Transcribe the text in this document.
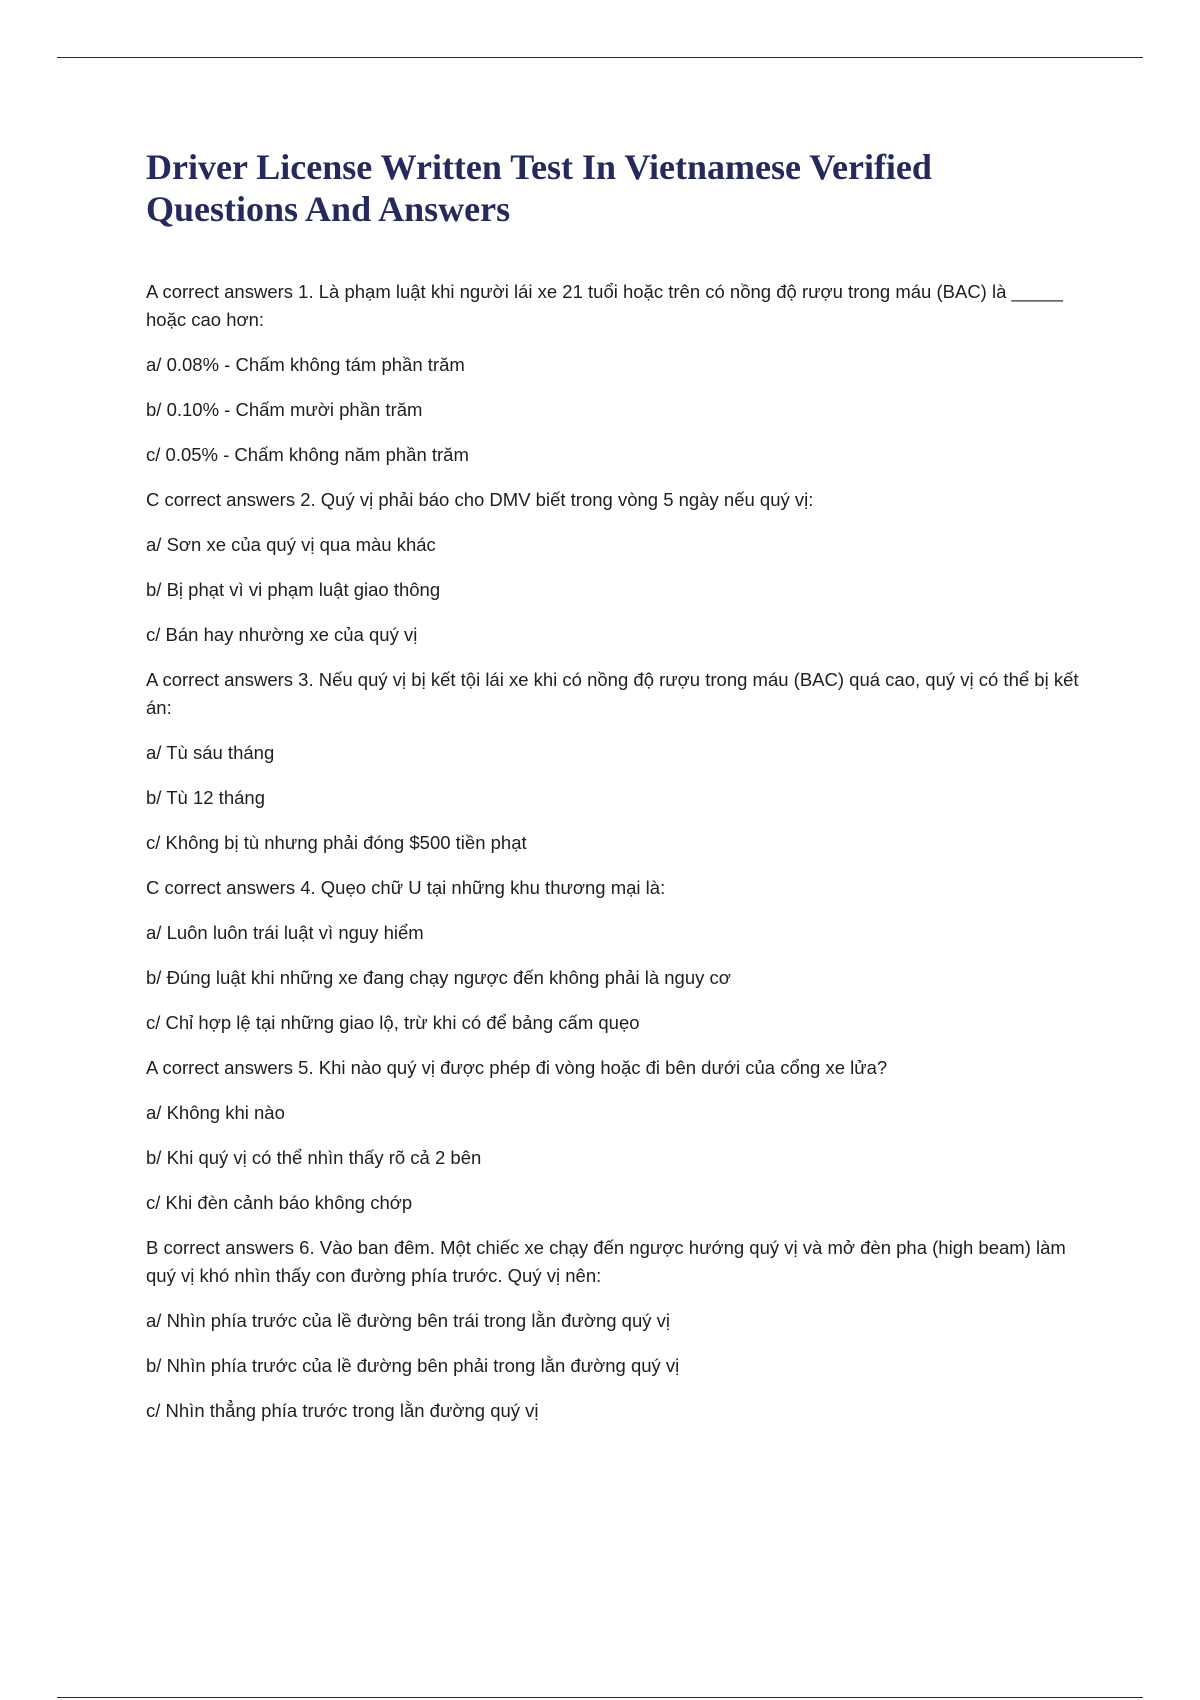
Driver License Written Test In Vietnamese Verified Questions And Answers

A correct answers 1. Là phạm luật khi người lái xe 21 tuổi hoặc trên có nồng độ rượu trong máu (BAC) là _____ hoặc cao hơn:

a/ 0.08% - Chấm không tám phần trăm

b/ 0.10% - Chấm mười phần trăm

c/ 0.05% - Chấm không năm phần trăm

C correct answers 2. Quý vị phải báo cho DMV biết trong vòng 5 ngày nếu quý vị:

a/ Sơn xe của quý vị qua màu khác

b/ Bị phạt vì vi phạm luật giao thông

c/ Bán hay nhường xe của quý vị

A correct answers 3. Nếu quý vị bị kết tội lái xe khi có nồng độ rượu trong máu (BAC) quá cao, quý vị có thể bị kết án:

a/ Tù sáu tháng

b/ Tù 12 tháng

c/ Không bị tù nhưng phải đóng $500 tiền phạt

C correct answers 4. Quẹo chữ U tại những khu thương mại là:

a/ Luôn luôn trái luật vì nguy hiểm

b/ Đúng luật khi những xe đang chạy ngược đến không phải là nguy cơ

c/ Chỉ hợp lệ tại những giao lộ, trừ khi có để bảng cấm quẹo

A correct answers 5. Khi nào quý vị được phép đi vòng hoặc đi bên dưới của cổng xe lửa?

a/ Không khi nào

b/ Khi quý vị có thể nhìn thấy rõ cả 2 bên

c/ Khi đèn cảnh báo không chớp

B correct answers 6. Vào ban đêm. Một chiếc xe chạy đến ngược hướng quý vị và mở đèn pha (high beam) làm quý vị khó nhìn thấy con đường phía trước. Quý vị nên:

a/ Nhìn phía trước của lề đường bên trái trong lằn đường quý vị

b/ Nhìn phía trước của lề đường bên phải trong lằn đường quý vị

c/ Nhìn thẳng phía trước trong lằn đường quý vị
